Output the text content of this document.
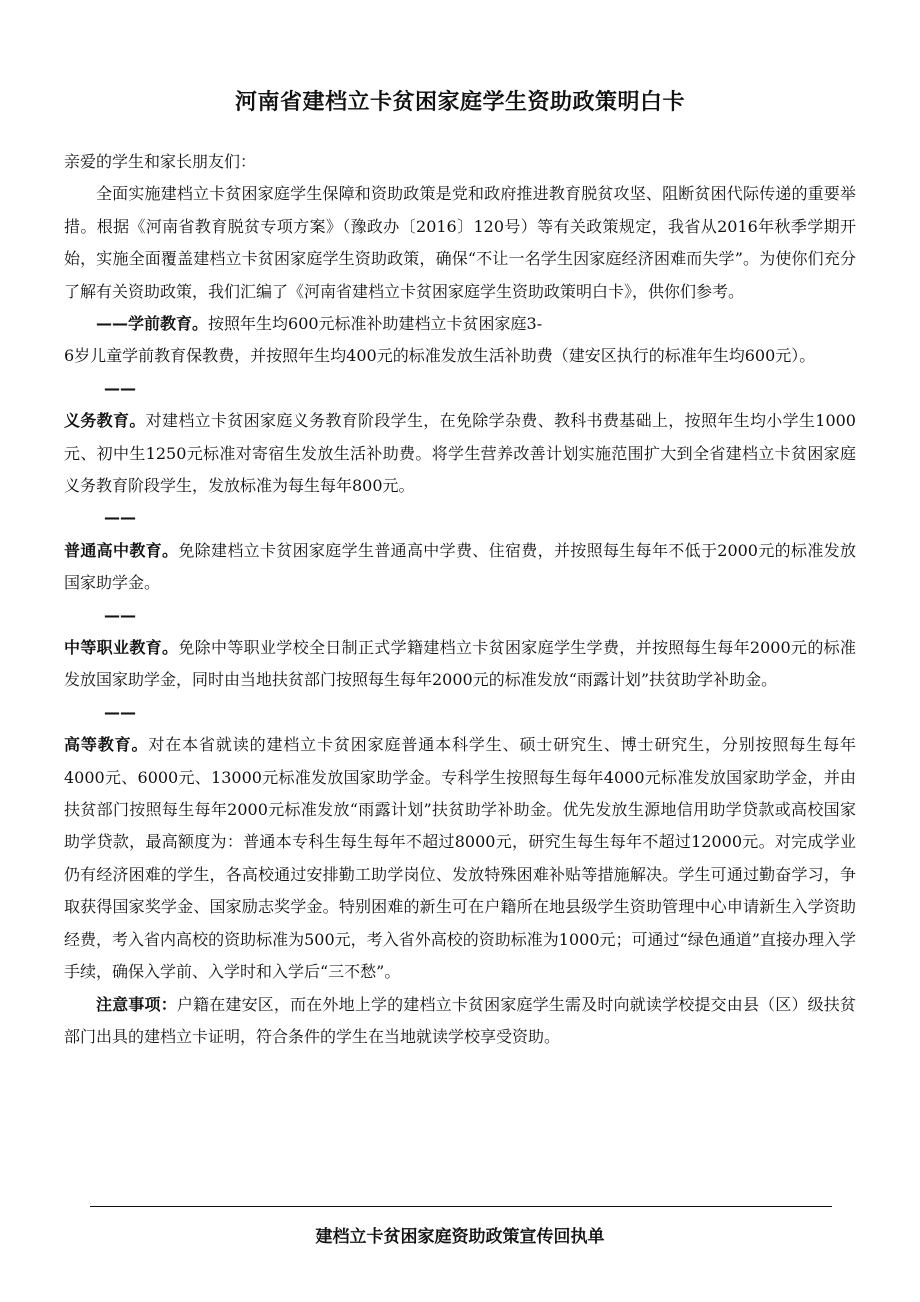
河南省建档立卡贫困家庭学生资助政策明白卡

亲爱的学生和家长朋友们：

全面实施建档立卡贫困家庭学生保障和资助政策是党和政府推进教育脱贫攻坚、阻断贫困代际传递的重要举措。根据《河南省教育脱贫专项方案》（豫政办〔2016〕120号）等有关政策规定，我省从2016年秋季学期开始，实施全面覆盖建档立卡贫困家庭学生资助政策，确保“不让一名学生因家庭经济困难而失学”。为使你们充分了解有关资助政策，我们汇编了《河南省建档立卡贫困家庭学生资助政策明白卡》，供你们参考。

——学前教育。按照年生均600元标准补助建档立卡贫困家庭3-

6岁儿童学前教育保教费，并按照年生均400元的标准发放生活补助费（建安区执行的标准年生均600元）。

——

义务教育。对建档立卡贫困家庭义务教育阶段学生，在免除学杂费、教科书费基础上，按照年生均小学生1000元、初中生1250元标准对寄宿生发放生活补助费。将学生营养改善计划实施范围扩大到全省建档立卡贫困家庭义务教育阶段学生，发放标准为每生每年800元。

——

普通高中教育。免除建档立卡贫困家庭学生普通高中学费、住宿费，并按照每生每年不低于2000元的标准发放国家助学金。

——

中等职业教育。免除中等职业学校全日制正式学籍建档立卡贫困家庭学生学费，并按照每生每年2000元的标准发放国家助学金，同时由当地扶贫部门按照每生每年2000元的标准发放“雨露计划”扶贫助学补助金。

——

高等教育。对在本省就读的建档立卡贫困家庭普通本科学生、硕士研究生、博士研究生，分别按照每生每年4000元、6000元、13000元标准发放国家助学金。专科学生按照每生每年4000元标准发放国家助学金，并由扶贫部门按照每生每年2000元标准发放“雨露计划”扶贫助学补助金。优先发放生源地信用助学贷款或高校国家助学贷款，最高额度为：普通本专科生每生每年不超过8000元，研究生每生每年不超过12000元。对完成学业仍有经济困难的学生，各高校通过安排勤工助学岗位、发放特殊困难补贴等措施解决。学生可通过勤奋学习，争取获得国家奖学金、国家励志奖学金。特别困难的新生可在户籍所在地县级学生资助管理中心申请新生入学资助经费，考入省内高校的资助标准为500元，考入省外高校的资助标准为1000元；可通过“绿色通道”直接办理入学手续，确保入学前、入学时和入学后“三不愁”。

注意事项：户籍在建安区，而在外地上学的建档立卡贫困家庭学生需及时向就读学校提交由县（区）级扶贫部门出具的建档立卡证明，符合条件的学生在当地就读学校享受资助。

建档立卡贫困家庭资助政策宣传回执单
